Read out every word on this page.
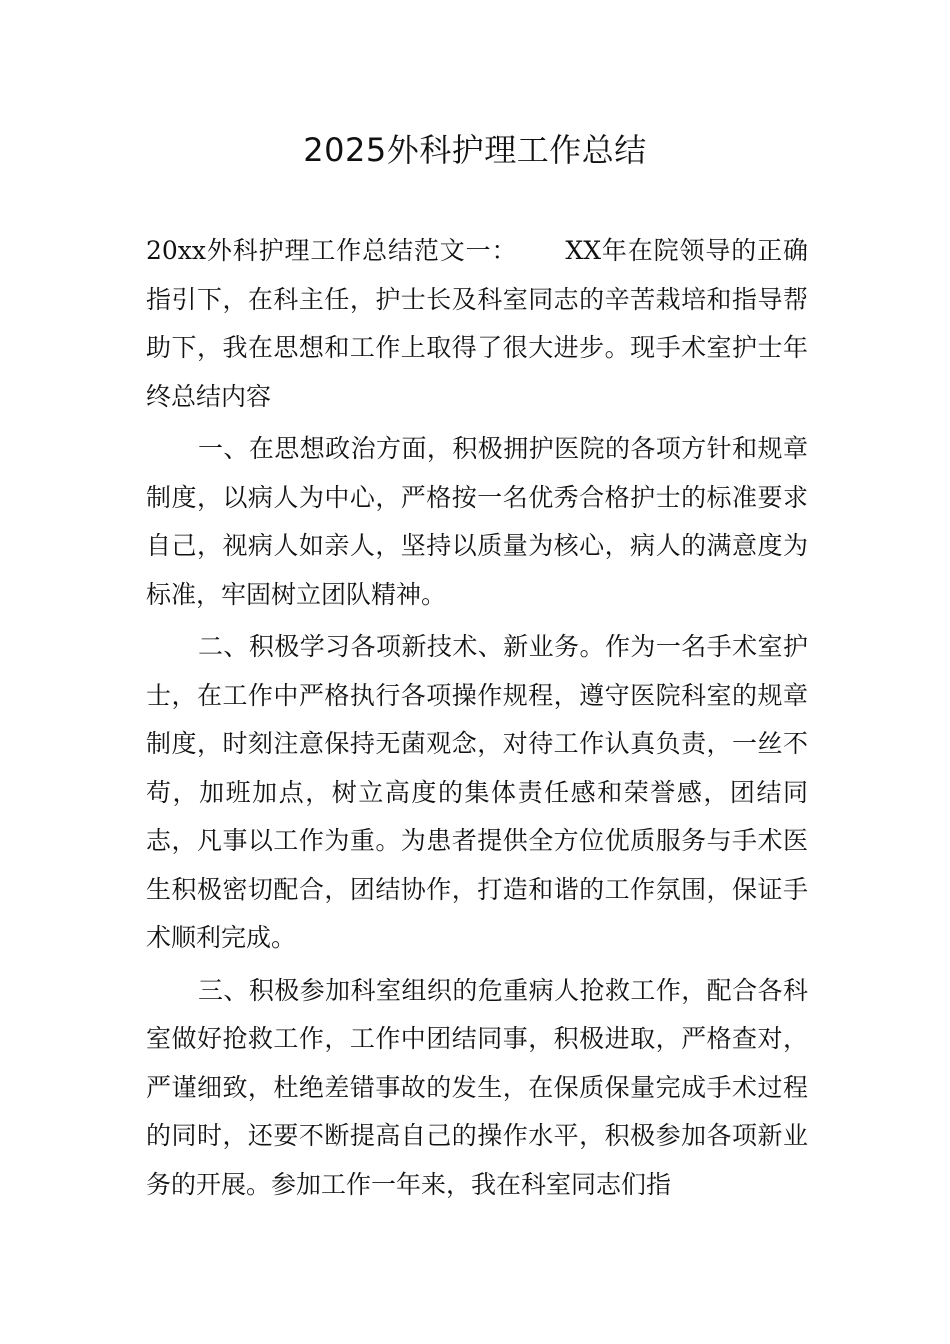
2025外科护理工作总结

20xx外科护理工作总结范文一： XX年在院领导的正确指引下，在科主任，护士长及科室同志的辛苦栽培和指导帮助下，我在思想和工作上取得了很大进步。现手术室护士年终总结内容

一、在思想政治方面，积极拥护医院的各项方针和规章制度，以病人为中心，严格按一名优秀合格护士的标准要求自己，视病人如亲人，坚持以质量为核心，病人的满意度为标准，牢固树立团队精神。

二、积极学习各项新技术、新业务。作为一名手术室护士，在工作中严格执行各项操作规程，遵守医院科室的规章制度，时刻注意保持无菌观念，对待工作认真负责，一丝不苟，加班加点，树立高度的集体责任感和荣誉感，团结同志，凡事以工作为重。为患者提供全方位优质服务与手术医生积极密切配合，团结协作，打造和谐的工作氛围，保证手术顺利完成。

三、积极参加科室组织的危重病人抢救工作，配合各科室做好抢救工作，工作中团结同事，积极进取，严格查对，严谨细致，杜绝差错事故的发生，在保质保量完成手术过程的同时，还要不断提高自己的操作水平，积极参加各项新业务的开展。参加工作一年来，我在科室同志们指
